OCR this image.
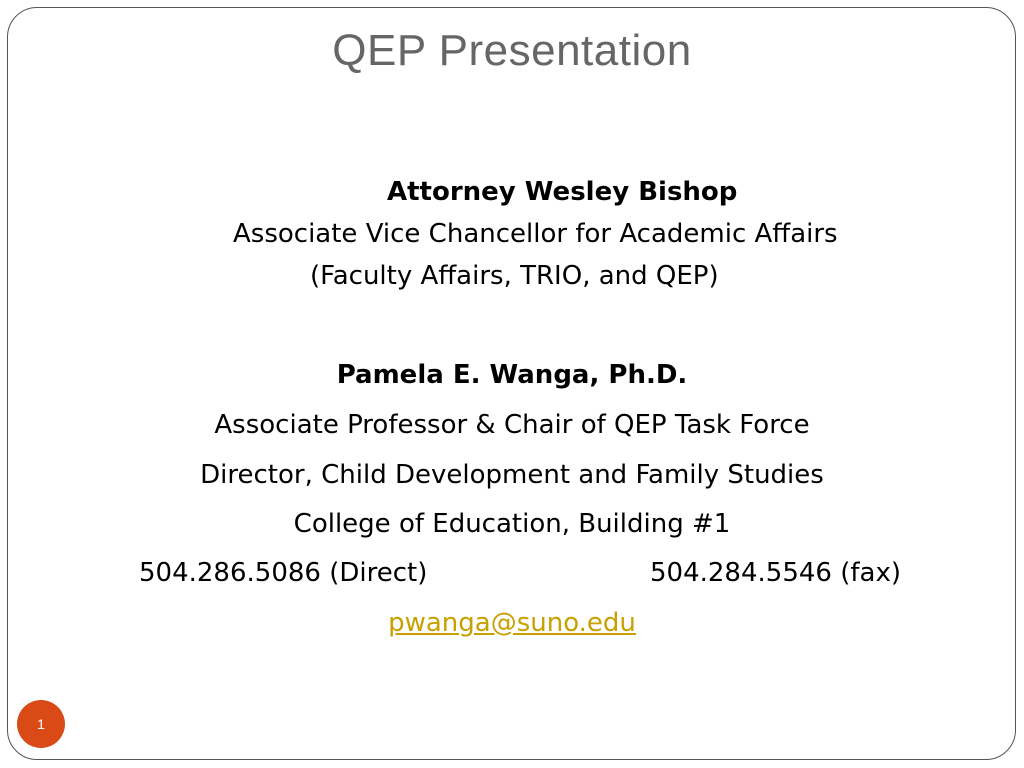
QEP Presentation
Attorney Wesley Bishop
Associate Vice Chancellor for Academic Affairs
(Faculty Affairs, TRIO, and QEP)
Pamela E. Wanga, Ph.D.
Associate Professor & Chair of QEP Task Force
Director, Child Development and Family Studies
College of Education, Building #1
504.286.5086 (Direct)	504.284.5546 (fax)
pwanga@suno.edu
1
